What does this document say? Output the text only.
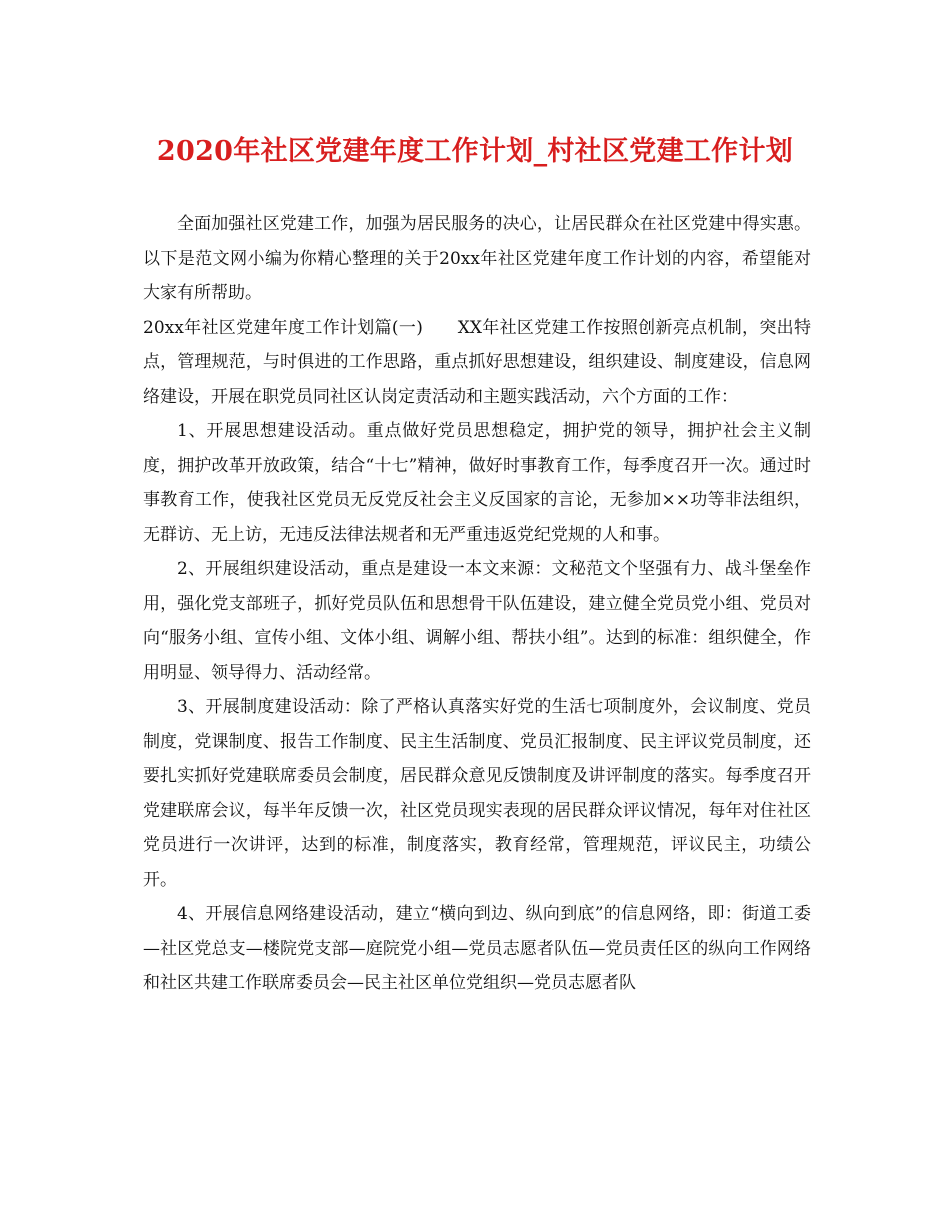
2020年社区党建年度工作计划_村社区党建工作计划

全面加强社区党建工作，加强为居民服务的决心，让居民群众在社区党建中得实惠。以下是范文网小编为你精心整理的关于20xx年社区党建年度工作计划的内容，希望能对大家有所帮助。

20xx年社区党建年度工作计划篇(一)　　XX年社区党建工作按照创新亮点机制，突出特点，管理规范，与时俱进的工作思路，重点抓好思想建设，组织建设、制度建设，信息网络建设，开展在职党员同社区认岗定责活动和主题实践活动，六个方面的工作：

1、开展思想建设活动。重点做好党员思想稳定，拥护党的领导，拥护社会主义制度，拥护改革开放政策，结合“十七”精神，做好时事教育工作，每季度召开一次。通过时事教育工作，使我社区党员无反党反社会主义反国家的言论，无参加××功等非法组织，无群访、无上访，无违反法律法规者和无严重违返党纪党规的人和事。

2、开展组织建设活动，重点是建设一本文来源：文秘范文个坚强有力、战斗堡垒作用，强化党支部班子，抓好党员队伍和思想骨干队伍建设，建立健全党员党小组、党员对向“服务小组、宣传小组、文体小组、调解小组、帮扶小组”。达到的标准：组织健全，作用明显、领导得力、活动经常。

3、开展制度建设活动：除了严格认真落实好党的生活七项制度外，会议制度、党员制度，党课制度、报告工作制度、民主生活制度、党员汇报制度、民主评议党员制度，还要扎实抓好党建联席委员会制度，居民群众意见反馈制度及讲评制度的落实。每季度召开党建联席会议，每半年反馈一次，社区党员现实表现的居民群众评议情况，每年对住社区党员进行一次讲评，达到的标准，制度落实，教育经常，管理规范，评议民主，功绩公开。

4、开展信息网络建设活动，建立“横向到边、纵向到底”的信息网络，即：街道工委—社区党总支—楼院党支部—庭院党小组—党员志愿者队伍—党员责任区的纵向工作网络和社区共建工作联席委员会—民主社区单位党组织—党员志愿者队
